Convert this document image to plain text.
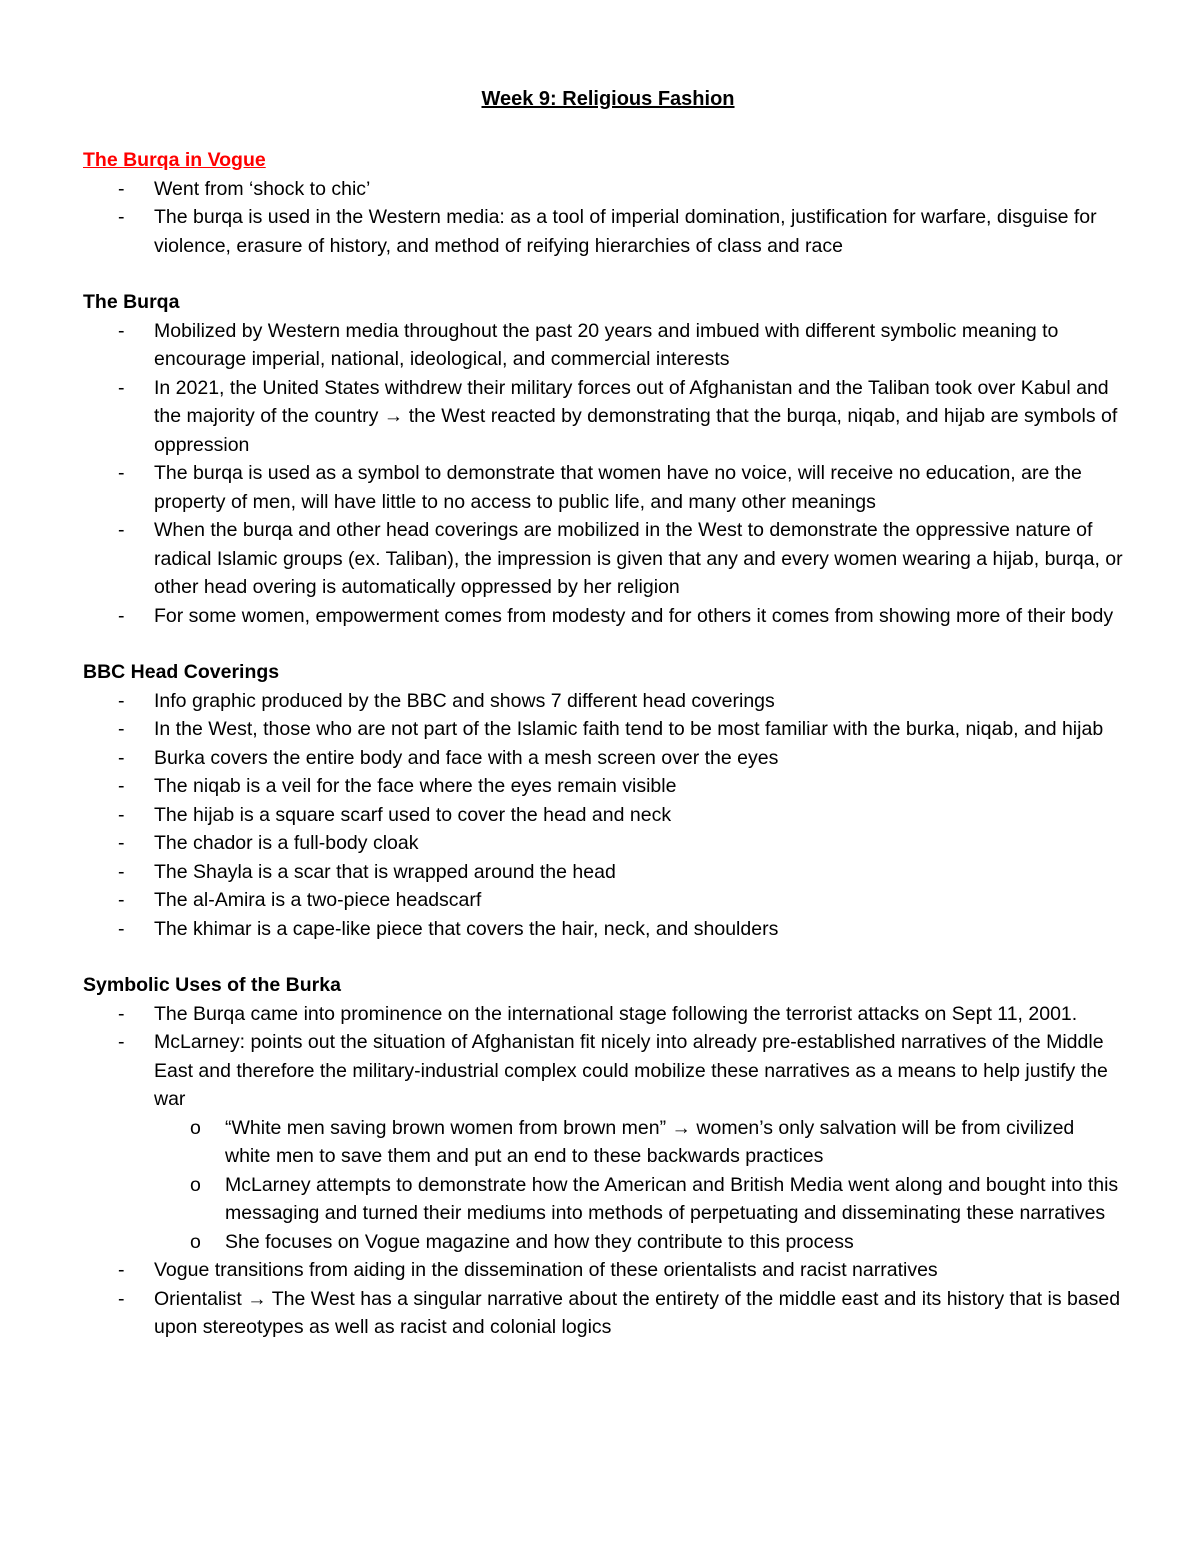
Week 9: Religious Fashion
The Burqa in Vogue
- Went from ‘shock to chic’
- The burqa is used in the Western media: as a tool of imperial domination, justification for warfare, disguise for violence, erasure of history, and method of reifying hierarchies of class and race
The Burqa
- Mobilized by Western media throughout the past 20 years and imbued with different symbolic meaning to encourage imperial, national, ideological, and commercial interests
- In 2021, the United States withdrew their military forces out of Afghanistan and the Taliban took over Kabul and the majority of the country → the West reacted by demonstrating that the burqa, niqab, and hijab are symbols of oppression
- The burqa is used as a symbol to demonstrate that women have no voice, will receive no education, are the property of men, will have little to no access to public life, and many other meanings
- When the burqa and other head coverings are mobilized in the West to demonstrate the oppressive nature of radical Islamic groups (ex. Taliban), the impression is given that any and every women wearing a hijab, burqa, or other head overing is automatically oppressed by her religion
- For some women, empowerment comes from modesty and for others it comes from showing more of their body
BBC Head Coverings
- Info graphic produced by the BBC and shows 7 different head coverings
- In the West, those who are not part of the Islamic faith tend to be most familiar with the burka, niqab, and hijab
- Burka covers the entire body and face with a mesh screen over the eyes
- The niqab is a veil for the face where the eyes remain visible
- The hijab is a square scarf used to cover the head and neck
- The chador is a full-body cloak
- The Shayla is a scar that is wrapped around the head
- The al-Amira is a two-piece headscarf
- The khimar is a cape-like piece that covers the hair, neck, and shoulders
Symbolic Uses of the Burka
- The Burqa came into prominence on the international stage following the terrorist attacks on Sept 11, 2001.
- McLarney: points out the situation of Afghanistan fit nicely into already pre-established narratives of the Middle East and therefore the military-industrial complex could mobilize these narratives as a means to help justify the war
o “White men saving brown women from brown men” → women’s only salvation will be from civilized white men to save them and put an end to these backwards practices
o McLarney attempts to demonstrate how the American and British Media went along and bought into this messaging and turned their mediums into methods of perpetuating and disseminating these narratives
o She focuses on Vogue magazine and how they contribute to this process
- Vogue transitions from aiding in the dissemination of these orientalists and racist narratives
- Orientalist → The West has a singular narrative about the entirety of the middle east and its history that is based upon stereotypes as well as racist and colonial logics
